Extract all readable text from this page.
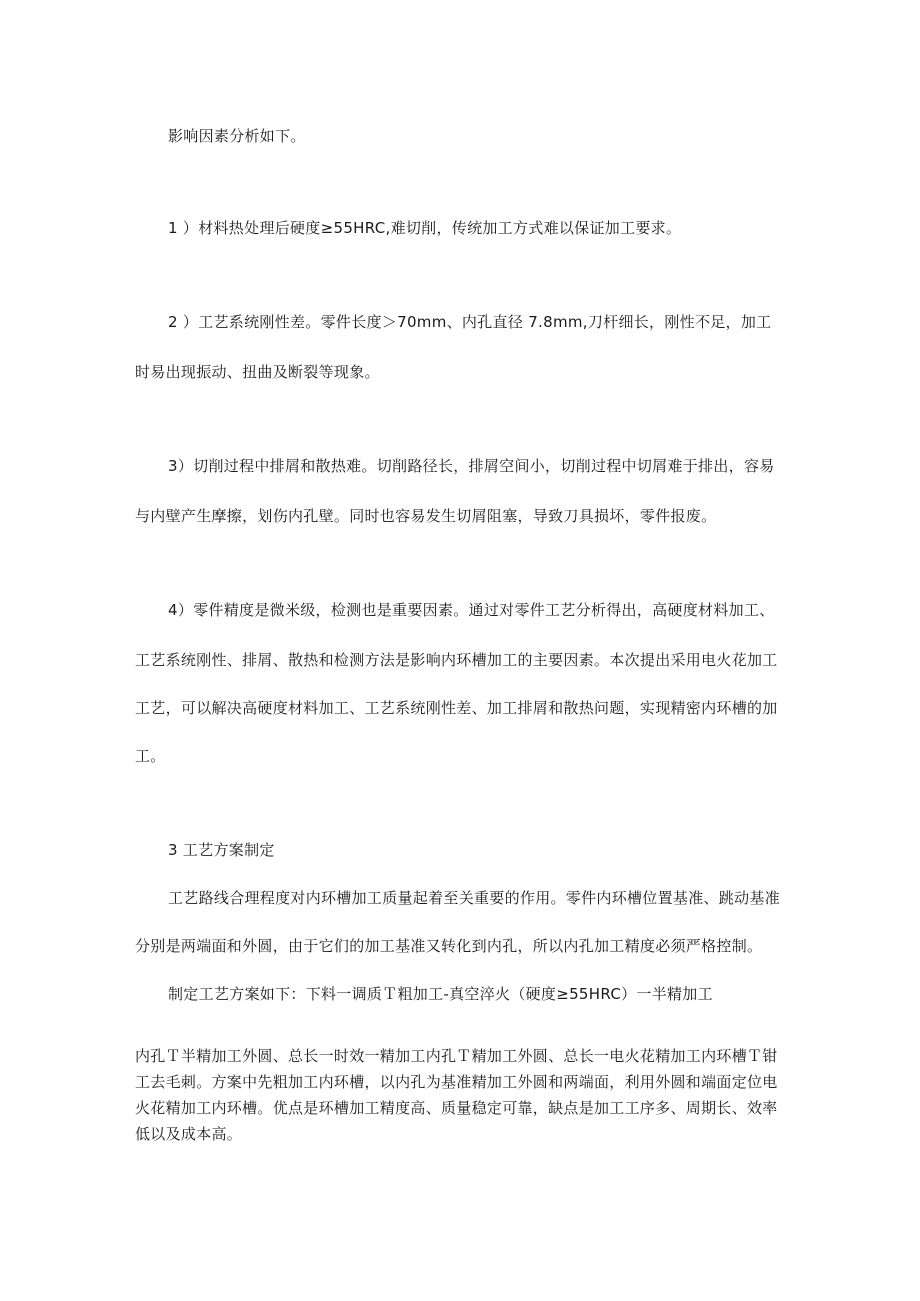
影响因素分析如下。
1 ）材料热处理后硬度≥55HRC,难切削，传统加工方式难以保证加工要求。
2 ）工艺系统刚性差。零件长度＞70mm、内孔直径 7.8mm,刀杆细长，刚性不足，加工
时易出现振动、扭曲及断裂等现象。
3）切削过程中排屑和散热难。切削路径长，排屑空间小，切削过程中切屑难于排出，容易
与内壁产生摩擦，划伤内孔壁。同时也容易发生切屑阻塞，导致刀具损坏，零件报废。
4）零件精度是微米级，检测也是重要因素。通过对零件工艺分析得出，高硬度材料加工、
工艺系统刚性、排屑、散热和检测方法是影响内环槽加工的主要因素。本次提出采用电火花加工
工艺，可以解决高硬度材料加工、工艺系统刚性差、加工排屑和散热问题，实现精密内环槽的加
工。
3 工艺方案制定
工艺路线合理程度对内环槽加工质量起着至关重要的作用。零件内环槽位置基准、跳动基准
分别是两端面和外圆，由于它们的加工基准又转化到内孔，所以内孔加工精度必须严格控制。
制定工艺方案如下：下料一调质Ｔ粗加工-真空淬火（硬度≥55HRC）一半精加工
内孔Ｔ半精加工外圆、总长一时效一精加工内孔Ｔ精加工外圆、总长一电火花精加工内环槽Ｔ钳
工去毛刺。方案中先粗加工内环槽，以内孔为基准精加工外圆和两端面，利用外圆和端面定位电
火花精加工内环槽。优点是环槽加工精度高、质量稳定可靠，缺点是加工工序多、周期长、效率
低以及成本高。
